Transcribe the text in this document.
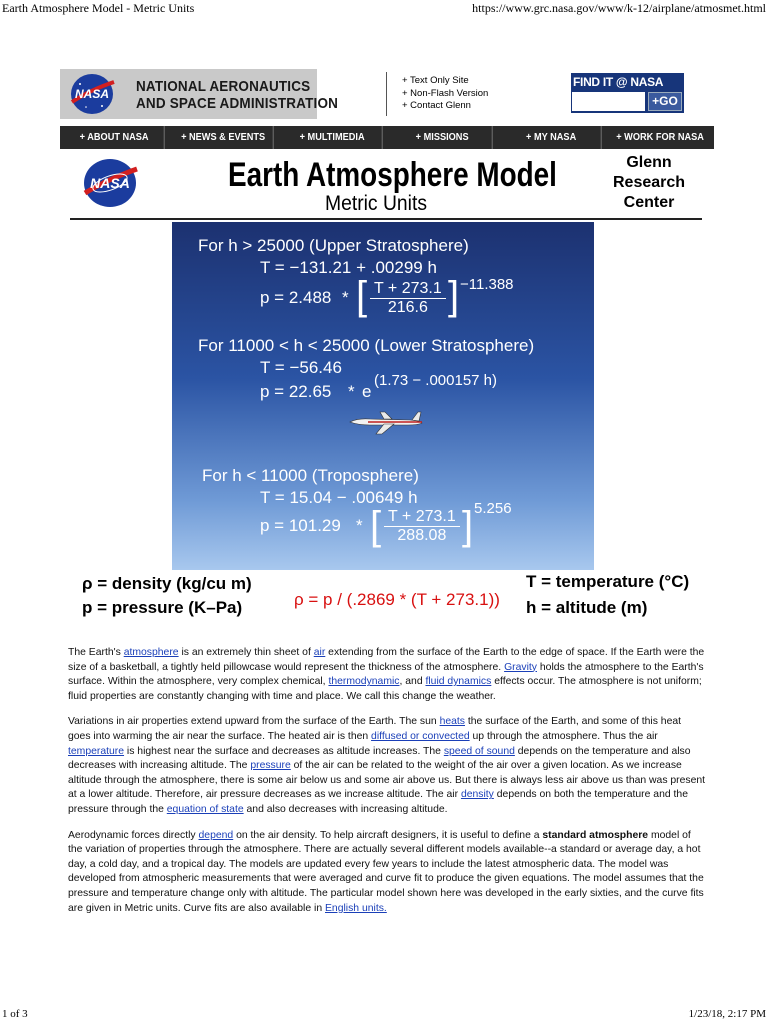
Earth Atmosphere Model - Metric Units	https://www.grc.nasa.gov/www/k-12/airplane/atmosmet.html
NASA NATIONAL AERONAUTICS
AND SPACE ADMINISTRATION
+ Text Only Site
+ Non-Flash Version
+ Contact Glenn
FIND IT @ NASA
+GO
+ ABOUT NASA	+ NEWS & EVENTS	+ MULTIMEDIA	+ MISSIONS	+ MY NASA	+ WORK FOR NASA
NASA	Earth Atmosphere Model
Metric Units
Glenn
Research
Center
For h > 25000 (Upper Stratosphere)
T = −131.21 + .00299 h
p = 2.488 * [ $\frac{T + 273.1}{216.6}$ ] −11.388
For 11000 < h < 25000 (Lower Stratosphere)
T = −56.46
p = 22.65 * e
(1.73 − .000157 h)
For h < 11000 (Troposphere)
T = 15.04 − .00649 h
p = 101.29 * [ $\frac{T + 273.1}{288.08}$ ] 5.256
ρ = density (kg/cu m)
p = pressure (K–Pa)	ρ = p / (.2869 * (T + 273.1))
T = temperature (°C)
h = altitude (m)

The Earth's atmosphere is an extremely thin sheet of air extending from the surface of the Earth to the edge of space. If the Earth were the size of a basketball, a tightly held pillowcase would represent the thickness of the atmosphere. Gravity holds the atmosphere to the Earth's surface. Within the atmosphere, very complex chemical, thermodynamic, and fluid dynamics effects occur. The atmosphere is not uniform; fluid properties are constantly changing with time and place. We call this change the weather.

Variations in air properties extend upward from the surface of the Earth. The sun heats the surface of the Earth, and some of this heat goes into warming the air near the surface. The heated air is then diffused or convected up through the atmosphere. Thus the air temperature is highest near the surface and decreases as altitude increases. The speed of sound depends on the temperature and also decreases with increasing altitude. The pressure of the air can be related to the weight of the air over a given location. As we increase altitude through the atmosphere, there is some air below us and some air above us. But there is always less air above us than was present at a lower altitude. Therefore, air pressure decreases as we increase altitude. The air density depends on both the temperature and the pressure through the equation of state and also decreases with increasing altitude.

Aerodynamic forces directly depend on the air density. To help aircraft designers, it is useful to define a standard atmosphere model of the variation of properties through the atmosphere. There are actually several different models available--a standard or average day, a hot day, a cold day, and a tropical day. The models are updated every few years to include the latest atmospheric data. The model was developed from atmospheric measurements that were averaged and curve fit to produce the given equations. The model assumes that the pressure and temperature change only with altitude. The particular model shown here was developed in the early sixties, and the curve fits are given in Metric units. Curve fits are also available in English units.

1 of 3	1/23/18, 2:17 PM
